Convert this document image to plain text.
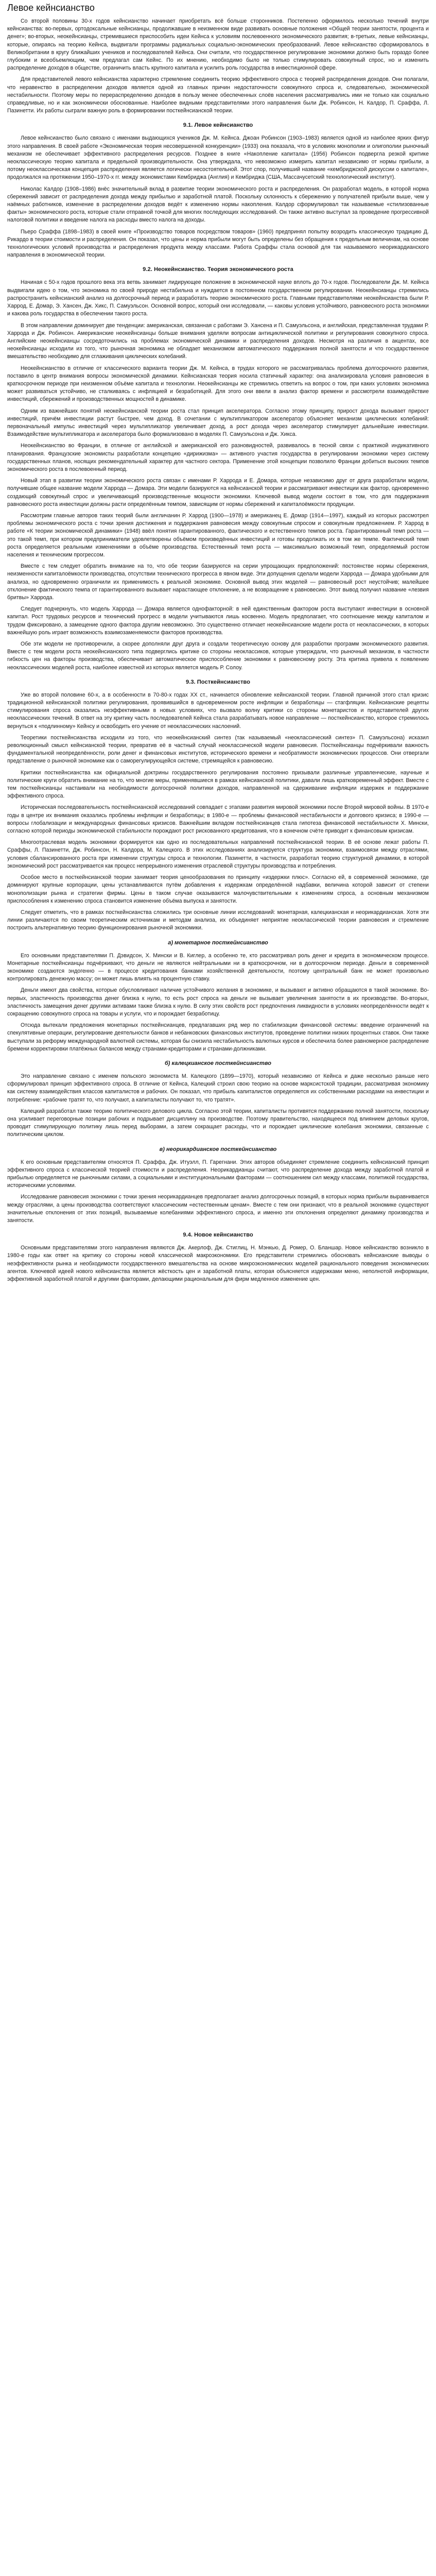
Левое кейнсианство

Со второй половины 30-х годов кейнсианство начинает приобретать всё больше сторонников. Постепенно оформилось несколько течений внутри кейнсианства: во-первых, ортодоксальные кейнсианцы, продолжавшие в неизменном виде развивать основные положения «Общей теории занятости, процента и денег»; во-вторых, неокейнсианцы, стремившиеся приспособить идеи Кейнса к условиям послевоенного экономического развития; в-третьих, левые кейнсианцы, которые, опираясь на теорию Кейнса, выдвигали программы радикальных социально-экономических преобразований. Левое кейнсианство сформировалось в Великобритании в кругу ближайших учеников и последователей Кейнса. Они считали, что государственное регулирование экономики должно быть гораздо более глубоким и всеобъемлющим, чем предлагал сам Кейнс. По их мнению, необходимо было не только стимулировать совокупный спрос, но и изменить распределение доходов в обществе, ограничить власть крупного капитала и усилить роль государства в инвестиционной сфере.

Для представителей левого кейнсианства характерно стремление соединить теорию эффективного спроса с теорией распределения доходов. Они полагали, что неравенство в распределении доходов является одной из главных причин недостаточности совокупного спроса и, следовательно, экономической нестабильности. Поэтому меры по перераспределению доходов в пользу менее обеспеченных слоёв населения рассматривались ими не только как социально справедливые, но и как экономически обоснованные. Наиболее видными представителями этого направления были Дж. Робинсон, Н. Калдор, П. Сраффа, Л. Пазинетти. Их работы сыграли важную роль в формировании посткейнсианской теории.

9.1. Левое кейнсианство

Левое кейнсианство было связано с именами выдающихся учеников Дж. М. Кейнса. Джоан Робинсон (1903–1983) является одной из наиболее ярких фигур этого направления. В своей работе «Экономическая теория несовершенной конкуренции» (1933) она показала, что в условиях монополии и олигополии рыночный механизм не обеспечивает эффективного распределения ресурсов. Позднее в книге «Накопление капитала» (1956) Робинсон подвергла резкой критике неоклассическую теорию капитала и предельной производительности. Она утверждала, что невозможно измерить капитал независимо от нормы прибыли, а потому неоклассическая концепция распределения является логически несостоятельной. Этот спор, получивший название «кембриджской дискуссии о капитале», продолжался на протяжении 1950–1970-х гг. между экономистами Кембриджа (Англия) и Кембриджа (США, Массачусетский технологический институт).

Николас Калдор (1908–1986) внёс значительный вклад в развитие теории экономического роста и распределения. Он разработал модель, в которой норма сбережений зависит от распределения дохода между прибылью и заработной платой. Поскольку склонность к сбережению у получателей прибыли выше, чем у наёмных работников, изменение в распределении доходов ведёт к изменению нормы накопления. Калдор сформулировал так называемые «стилизованные факты» экономического роста, которые стали отправной точкой для многих последующих исследований. Он также активно выступал за проведение прогрессивной налоговой политики и введение налога на расходы вместо налога на доходы.

Пьеро Сраффа (1898–1983) в своей книге «Производство товаров посредством товаров» (1960) предпринял попытку возродить классическую традицию Д. Рикардо в теории стоимости и распределения. Он показал, что цены и норма прибыли могут быть определены без обращения к предельным величинам, на основе технологических условий производства и распределения продукта между классами. Работа Сраффы стала основой для так называемого неорикардианского направления в экономической теории.

9.2. Неокейнсианство. Теория экономического роста

Начиная с 50-х годов прошлого века эта ветвь занимает лидирующее положение в экономической науке вплоть до 70-х годов. Последователи Дж. М. Кейнса выдвигали идею о том, что экономика по своей природе нестабильна и нуждается в постоянном государственном регулировании. Неокейнсианцы стремились распространить кейнсианский анализ на долгосрочный период и разработать теорию экономического роста. Главными представителями неокейнсианства были Р. Харрод, Е. Домар, Э. Хансен, Дж. Хикс, П. Самуэльсон. Основной вопрос, который они исследовали, — каковы условия устойчивого, равновесного роста экономики и какова роль государства в обеспечении такого роста.

В этом направлении доминирует две тенденции: американская, связанная с работами Э. Хансена и П. Самуэльсона, и английская, представленная трудами Р. Харрода и Дж. Робинсон. Американские неокейнсианцы больше внимания уделяли вопросам антициклической политики и регулирования совокупного спроса. Английские неокейнсианцы сосредоточились на проблемах экономической динамики и распределения доходов. Несмотря на различия в акцентах, все неокейнсианцы исходили из того, что рыночная экономика не обладает механизмом автоматического поддержания полной занятости и что государственное вмешательство необходимо для сглаживания циклических колебаний.

Неокейнсианство в отличие от классического варианта теории Дж. М. Кейнса, в трудах которого не рассматривалась проблема долгосрочного развития, поставило в центр внимания вопросы экономической динамики. Кейнсианская теория носила статичный характер: она анализировала условия равновесия в краткосрочном периоде при неизменном объёме капитала и технологии. Неокейнсианцы же стремились ответить на вопрос о том, при каких условиях экономика может развиваться устойчиво, не сталкиваясь с инфляцией и безработицей. Для этого они ввели в анализ фактор времени и рассмотрели взаимодействие инвестиций, сбережений и производственных мощностей в динамике.

Одним из важнейших понятий неокейнсианской теории роста стал принцип акселератора. Согласно этому принципу, прирост дохода вызывает прирост инвестиций, причём инвестиции растут быстрее, чем доход. В сочетании с мультипликатором акселератор объясняет механизм циклических колебаний: первоначальный импульс инвестиций через мультипликатор увеличивает доход, а рост дохода через акселератор стимулирует дальнейшие инвестиции. Взаимодействие мультипликатора и акселератора было формализовано в моделях П. Самуэльсона и Дж. Хикса.

Неокейнсианство во Франции, в отличие от английской и американской его разновидностей, развивалось в тесной связи с практикой индикативного планирования. Французские экономисты разработали концепцию «дирижизма» — активного участия государства в регулировании экономики через систему государственных планов, носящих рекомендательный характер для частного сектора. Применение этой концепции позволило Франции добиться высоких темпов экономического роста в послевоенный период.

Новый этап в развитии теории экономического роста связан с именами Р. Харрода и Е. Домара, которые независимо друг от друга разработали модели, получившие общее название модели Харрода — Домара. Эти модели базируются на кейнсианской теории и рассматривают инвестиции как фактор, одновременно создающий совокупный спрос и увеличивающий производственные мощности экономики. Ключевой вывод модели состоит в том, что для поддержания равновесного роста инвестиции должны расти определённым темпом, зависящим от нормы сбережений и капиталоёмкости продукции.

Рассмотрим главные авторов таких теорий были англичанин Р. Харрод (1900—1978) и американец Е. Домар (1914—1997), каждый из которых рассмотрел проблемы экономического роста с точки зрения достижения и поддержания равновесия между совокупным спросом и совокупным предложением. Р. Харрод в работе «К теории экономической динамики» (1948) ввёл понятия гарантированного, фактического и естественного темпов роста. Гарантированный темп роста — это такой темп, при котором предприниматели удовлетворены объёмом произведённых инвестиций и готовы продолжать их в том же темпе. Фактический темп роста определяется реальными изменениями в объёме производства. Естественный темп роста — максимально возможный темп, определяемый ростом населения и техническим прогрессом.

Вместе с тем следует обратить внимание на то, что обе теории базируются на серии упрощающих предположений: постоянстве нормы сбережения, неизменности капиталоёмкости производства, отсутствии технического прогресса в явном виде. Эти допущения сделали модели Харрода — Домара удобными для анализа, но одновременно ограничили их применимость к реальной экономике. Основной вывод этих моделей — равновесный рост неустойчив; малейшее отклонение фактического темпа от гарантированного вызывает нарастающее отклонение, а не возвращение к равновесию. Этот вывод получил название «лезвия бритвы» Харрода.

Следует подчеркнуть, что модель Харрода — Домара является однофакторной: в ней единственным фактором роста выступают инвестиции в основной капитал. Рост трудовых ресурсов и технический прогресс в модели учитываются лишь косвенно. Модель предполагает, что соотношение между капиталом и трудом фиксировано, а замещение одного фактора другим невозможно. Это существенно отличает неокейнсианские модели роста от неоклассических, в которых важнейшую роль играет возможность взаимозаменяемости факторов производства.

Обе эти модели не противоречили, а скорее дополняли друг друга и создали теоретическую основу для разработки программ экономического развития. Вместе с тем модели роста неокейнсианского типа подверглись критике со стороны неоклассиков, которые утверждали, что рыночный механизм, в частности гибкость цен на факторы производства, обеспечивает автоматическое приспособление экономики к равновесному росту. Эта критика привела к появлению неоклассических моделей роста, наиболее известной из которых является модель Р. Солоу.

9.3. Посткейнсианство

Уже во второй половине 60-х, а в особенности в 70-80-х годах XX ст., начинается обновление кейнсианской теории. Главной причиной этого стал кризис традиционной кейнсианской политики регулирования, проявившийся в одновременном росте инфляции и безработицы — стагфляции. Кейнсианские рецепты стимулирования спроса оказались неэффективными в новых условиях, что вызвало волну критики со стороны монетаристов и представителей других неоклассических течений. В ответ на эту критику часть последователей Кейнса стала разрабатывать новое направление — посткейнсианство, которое стремилось вернуться к «подлинному» Кейнсу и освободить его учение от неоклассических наслоений.

Теоретики посткейнсианства исходили из того, что неокейнсианский синтез (так называемый «неоклассический синтез» П. Самуэльсона) исказил революционный смысл кейнсианской теории, превратив её в частный случай неоклассической модели равновесия. Посткейнсианцы подчёркивали важность фундаментальной неопределённости, роли денег и финансовых институтов, исторического времени и необратимости экономических процессов. Они отвергали представление о рыночной экономике как о саморегулирующейся системе, стремящейся к равновесию.

Критики посткейнсианства как официальной доктрины государственного регулирования постоянно призывали различные управленческие, научные и политические круги обратить внимание на то, что многие меры, применявшиеся в рамках кейнсианской политики, давали лишь кратковременный эффект. Вместе с тем посткейнсианцы настаивали на необходимости долгосрочной политики доходов, направленной на сдерживание инфляции издержек и поддержание эффективного спроса.

Историческая последовательность посткейнсианской исследований совпадает с этапами развития мировой экономики после Второй мировой войны. В 1970-е годы в центре их внимания оказались проблемы инфляции и безработицы; в 1980-е — проблемы финансовой нестабильности и долгового кризиса; в 1990-е — вопросы глобализации и международных финансовых кризисов. Важнейшим вкладом посткейнсианцев стала гипотеза финансовой нестабильности Х. Мински, согласно которой периоды экономической стабильности порождают рост рискованного кредитования, что в конечном счёте приводит к финансовым кризисам.

Многоотраслевая модель экономики формируется как одно из последовательных направлений посткейнсианской теории. В её основе лежат работы П. Сраффы, Л. Пазинетти, Дж. Робинсон, Н. Калдора, М. Калецкого. В этих исследованиях анализируется структура экономики, взаимосвязи между отраслями, условия сбалансированного роста при изменении структуры спроса и технологии. Пазинетти, в частности, разработал теорию структурной динамики, в которой экономический рост рассматривается как процесс непрерывного изменения отраслевой структуры производства и потребления.

Особое место в посткейнсианской теории занимает теория ценообразования по принципу «издержки плюс». Согласно ей, в современной экономике, где доминируют крупные корпорации, цены устанавливаются путём добавления к издержкам определённой надбавки, величина которой зависит от степени монополизации рынка и стратегии фирмы. Цены в таком случае оказываются малочувствительными к изменениям спроса, а основным механизмом приспособления к изменению спроса становится изменение объёма выпуска и занятости.

Следует отметить, что в рамках посткейнсианства сложились три основные линии исследований: монетарная, калецкианская и неорикардианская. Хотя эти линии различаются по своим теоретическим источникам и методам анализа, их объединяет неприятие неоклассической теории равновесия и стремление построить альтернативную теорию функционирования рыночной экономики.

а) монетарное посткейнсианство

Его основными представителями П. Дэвидсон, Х. Мински и В. Киглер, а особенно те, кто рассматривал роль денег и кредита в экономическом процессе. Монетарные посткейнсианцы подчёркивают, что деньги не являются нейтральными ни в краткосрочном, ни в долгосрочном периоде. Деньги в современной экономике создаются эндогенно — в процессе кредитования банками хозяйственной деятельности, поэтому центральный банк не может произвольно контролировать денежную массу; он может лишь влиять на процентную ставку.

Деньги имеют два свойства, которые обусловливают наличие устойчивого желания в экономике, и вызывают и активно обращаются в такой экономике. Во-первых, эластичность производства денег близка к нулю, то есть рост спроса на деньги не вызывает увеличения занятости в их производстве. Во-вторых, эластичность замещения денег другими активами также близка к нулю. В силу этих свойств рост предпочтения ликвидности в условиях неопределённости ведёт к сокращению совокупного спроса на товары и услуги, что и порождает безработицу.

Отсюда вытекали предложения монетарных посткейнсианцев, предлагавших ряд мер по стабилизации финансовой системы: введение ограничений на спекулятивные операции, регулирование деятельности банков и небанковских финансовых институтов, проведение политики низких процентных ставок. Они также выступали за реформу международной валютной системы, которая бы снизила нестабильность валютных курсов и обеспечила более равномерное распределение бремени корректировки платёжных балансов между странами-кредиторами и странами-должниками.

б) калецкианское посткейнсианство

Это направление связано с именем польского экономиста М. Калецкого (1899—1970), который независимо от Кейнса и даже несколько раньше него сформулировал принцип эффективного спроса. В отличие от Кейнса, Калецкий строил свою теорию на основе марксистской традиции, рассматривая экономику как систему взаимодействия классов капиталистов и рабочих. Он показал, что прибыль капиталистов определяется их собственными расходами на инвестиции и потребление: «рабочие тратят то, что получают, а капиталисты получают то, что тратят».

Калецкий разработал также теорию политического делового цикла. Согласно этой теории, капиталисты противятся поддержанию полной занятости, поскольку она усиливает переговорные позиции рабочих и подрывает дисциплину на производстве. Поэтому правительство, находящееся под влиянием деловых кругов, проводит стимулирующую политику лишь перед выборами, а затем сокращает расходы, что и порождает циклические колебания экономики, связанные с политическим циклом.

в) неорикардианское посткейнсианство

К его основным представителям относятся П. Сраффа, Дж. Итуэлл, П. Гарегнани. Этих авторов объединяет стремление соединить кейнсианский принцип эффективного спроса с классической теорией стоимости и распределения. Неорикардианцы считают, что распределение дохода между заработной платой и прибылью определяется не рыночными силами, а социальными и институциональными факторами — соотношением сил между классами, политикой государства, историческими условиями.

Исследование равновесия экономики с точки зрения неорикардианцев предполагает анализ долгосрочных позиций, в которых норма прибыли выравнивается между отраслями, а цены производства соответствуют классическим «естественным ценам». Вместе с тем они признают, что в реальной экономике существуют значительные отклонения от этих позиций, вызываемые колебаниями эффективного спроса, и именно эти отклонения определяют динамику производства и занятости.

9.4. Новое кейнсианство

Основными представителями этого направления являются Дж. Акерлоф, Дж. Стиглиц, Н. Мэнкью, Д. Ромер, О. Бланшар. Новое кейнсианство возникло в 1980-е годы как ответ на критику со стороны новой классической макроэкономики. Его представители стремились обосновать кейнсианские выводы о неэффективности рынка и необходимости государственного вмешательства на основе микроэкономических моделей рационального поведения экономических агентов. Ключевой идеей нового кейнсианства является жёсткость цен и заработной платы, которая объясняется издержками меню, неполнотой информации, эффективной заработной платой и другими факторами, делающими рациональным для фирм медленное изменение цен.
